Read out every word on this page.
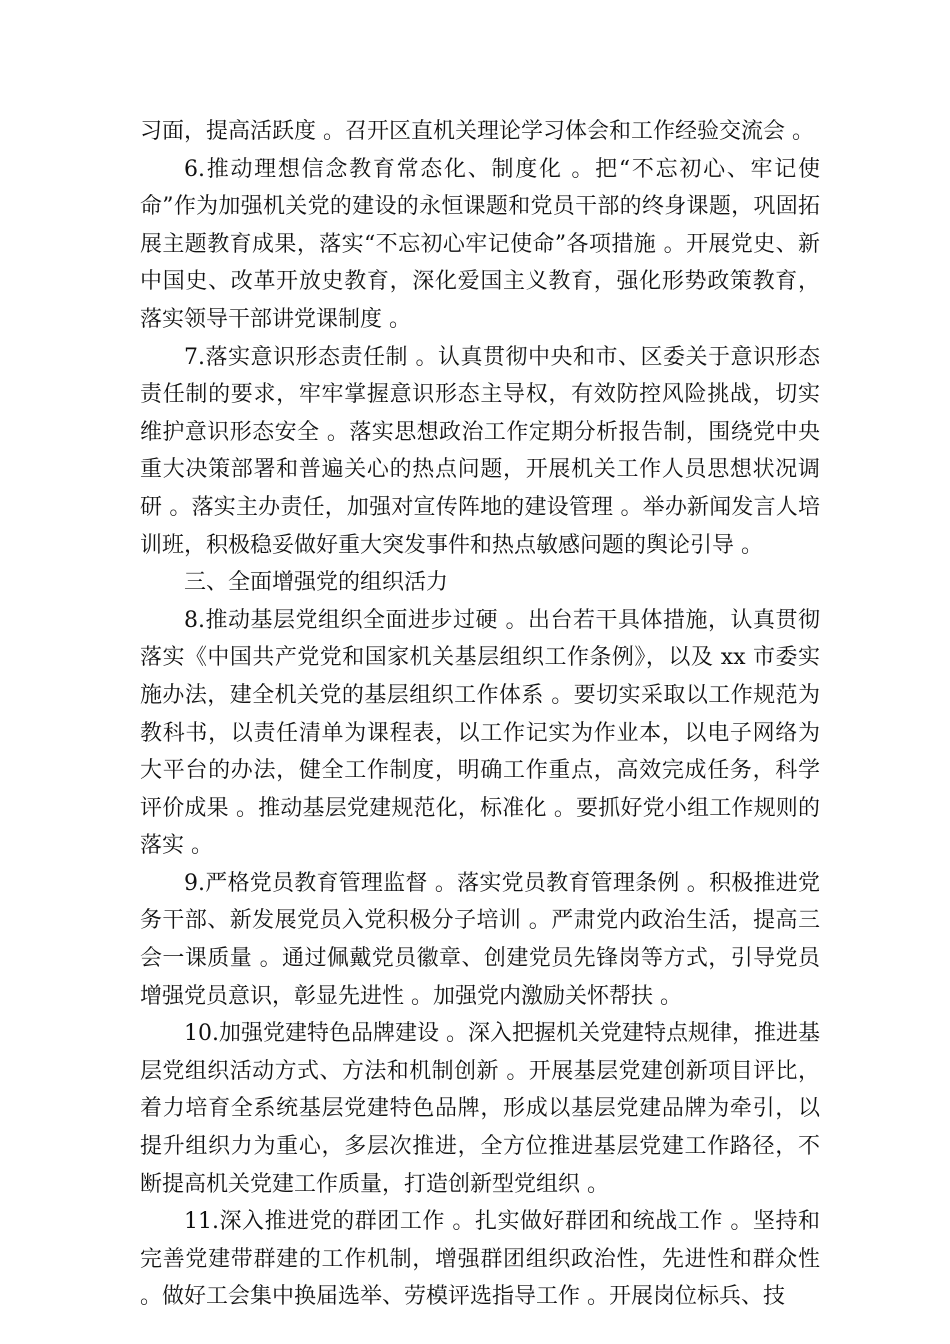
习面，提高活跃度 。召开区直机关理论学习体会和工作经验交流会 。

6.推动理想信念教育常态化、制度化 。把“不忘初心、牢记使命”作为加强机关党的建设的永恒课题和党员干部的终身课题，巩固拓展主题教育成果，落实“不忘初心牢记使命”各项措施 。开展党史、新中国史、改革开放史教育，深化爱国主义教育，强化形势政策教育，落实领导干部讲党课制度 。

7.落实意识形态责任制 。认真贯彻中央和市、区委关于意识形态责任制的要求，牢牢掌握意识形态主导权，有效防控风险挑战，切实维护意识形态安全 。落实思想政治工作定期分析报告制，围绕党中央重大决策部署和普遍关心的热点问题，开展机关工作人员思想状况调研 。落实主办责任，加强对宣传阵地的建设管理 。举办新闻发言人培训班，积极稳妥做好重大突发事件和热点敏感问题的舆论引导 。

三、全面增强党的组织活力

8.推动基层党组织全面进步过硬 。出台若干具体措施，认真贯彻落实《中国共产党党和国家机关基层组织工作条例》，以及 xx 市委实施办法，建全机关党的基层组织工作体系 。要切实采取以工作规范为教科书，以责任清单为课程表，以工作记实为作业本，以电子网络为大平台的办法，健全工作制度，明确工作重点，高效完成任务，科学评价成果 。推动基层党建规范化，标准化 。要抓好党小组工作规则的落实 。

9.严格党员教育管理监督 。落实党员教育管理条例 。积极推进党务干部、新发展党员入党积极分子培训 。严肃党内政治生活，提高三会一课质量 。通过佩戴党员徽章、创建党员先锋岗等方式，引导党员增强党员意识，彰显先进性 。加强党内激励关怀帮扶 。

10.加强党建特色品牌建设 。深入把握机关党建特点规律，推进基层党组织活动方式、方法和机制创新 。开展基层党建创新项目评比，着力培育全系统基层党建特色品牌，形成以基层党建品牌为牵引，以提升组织力为重心，多层次推进，全方位推进基层党建工作路径，不断提高机关党建工作质量，打造创新型党组织 。

11.深入推进党的群团工作 。扎实做好群团和统战工作 。坚持和完善党建带群建的工作机制，增强群团组织政治性，先进性和群众性 。做好工会集中换届选举、劳模评选指导工作 。开展岗位标兵、技
